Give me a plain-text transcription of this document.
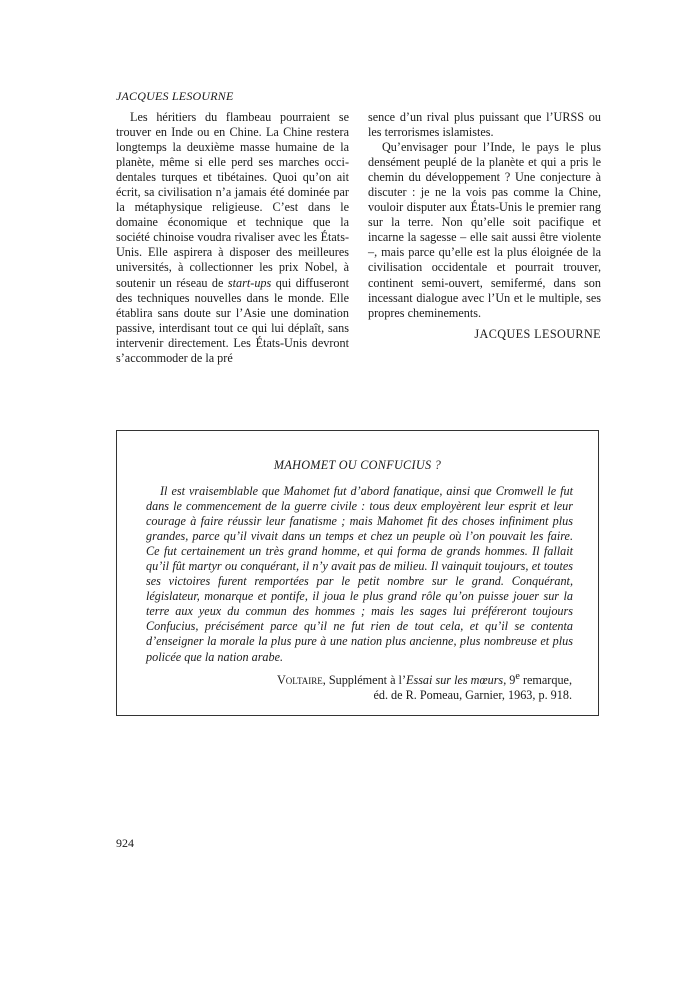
JACQUES LESOURNE

Les héritiers du flambeau pourraient se trouver en Inde ou en Chine. La Chine restera longtemps la deuxième masse humaine de la planète, même si elle perd ses marches occidentales turques et tibétaines. Quoi qu’on ait écrit, sa civilisation n’a jamais été dominée par la métaphysique religieuse. C’est dans le domaine économique et technique que la société chinoise voudra rivaliser avec les États-Unis. Elle aspirera à disposer des meilleures universités, à collectionner les prix Nobel, à soutenir un réseau de start-ups qui diffuseront des techniques nouvelles dans le monde. Elle établira sans doute sur l’Asie une domination passive, interdisant tout ce qui lui déplaît, sans intervenir directement. Les États-Unis devront s’accommoder de la pré

sence d’un rival plus puissant que l’URSS ou les terrorismes islamistes.

Qu’envisager pour l’Inde, le pays le plus densément peuplé de la planète et qui a pris le chemin du développement ? Une conjecture à discuter : je ne la vois pas comme la Chine, vouloir disputer aux États-Unis le premier rang sur la terre. Non qu’elle soit pacifique et incarne la sagesse – elle sait aussi être violente –, mais parce qu’elle est la plus éloignée de la civilisation occidentale et pourrait trouver, continent semi-ouvert, semifermé, dans son incessant dialogue avec l’Un et le multiple, ses propres cheminements.

JACQUES LESOURNE

MAHOMET OU CONFUCIUS ?

Il est vraisemblable que Mahomet fut d’abord fanatique, ainsi que Cromwell le fut dans le commencement de la guerre civile : tous deux employèrent leur esprit et leur courage à faire réussir leur fanatisme ; mais Mahomet fit des choses infiniment plus grandes, parce qu’il vivait dans un temps et chez un peuple où l’on pouvait les faire. Ce fut certainement un très grand homme, et qui forma de grands hommes. Il fallait qu’il fût martyr ou conquérant, il n’y avait pas de milieu. Il vainquit toujours, et toutes ses victoires furent remportées par le petit nombre sur le grand. Conquérant, législateur, monarque et pontife, il joua le plus grand rôle qu’on puisse jouer sur la terre aux yeux du commun des hommes ; mais les sages lui préféreront toujours Confucius, précisément parce qu’il ne fut rien de tout cela, et qu’il se contenta d’enseigner la morale la plus pure à une nation plus ancienne, plus nombreuse et plus policée que la nation arabe.

Voltaire, Supplément à l’Essai sur les mœurs, 9e remarque,
éd. de R. Pomeau, Garnier, 1963, p. 918.
924
